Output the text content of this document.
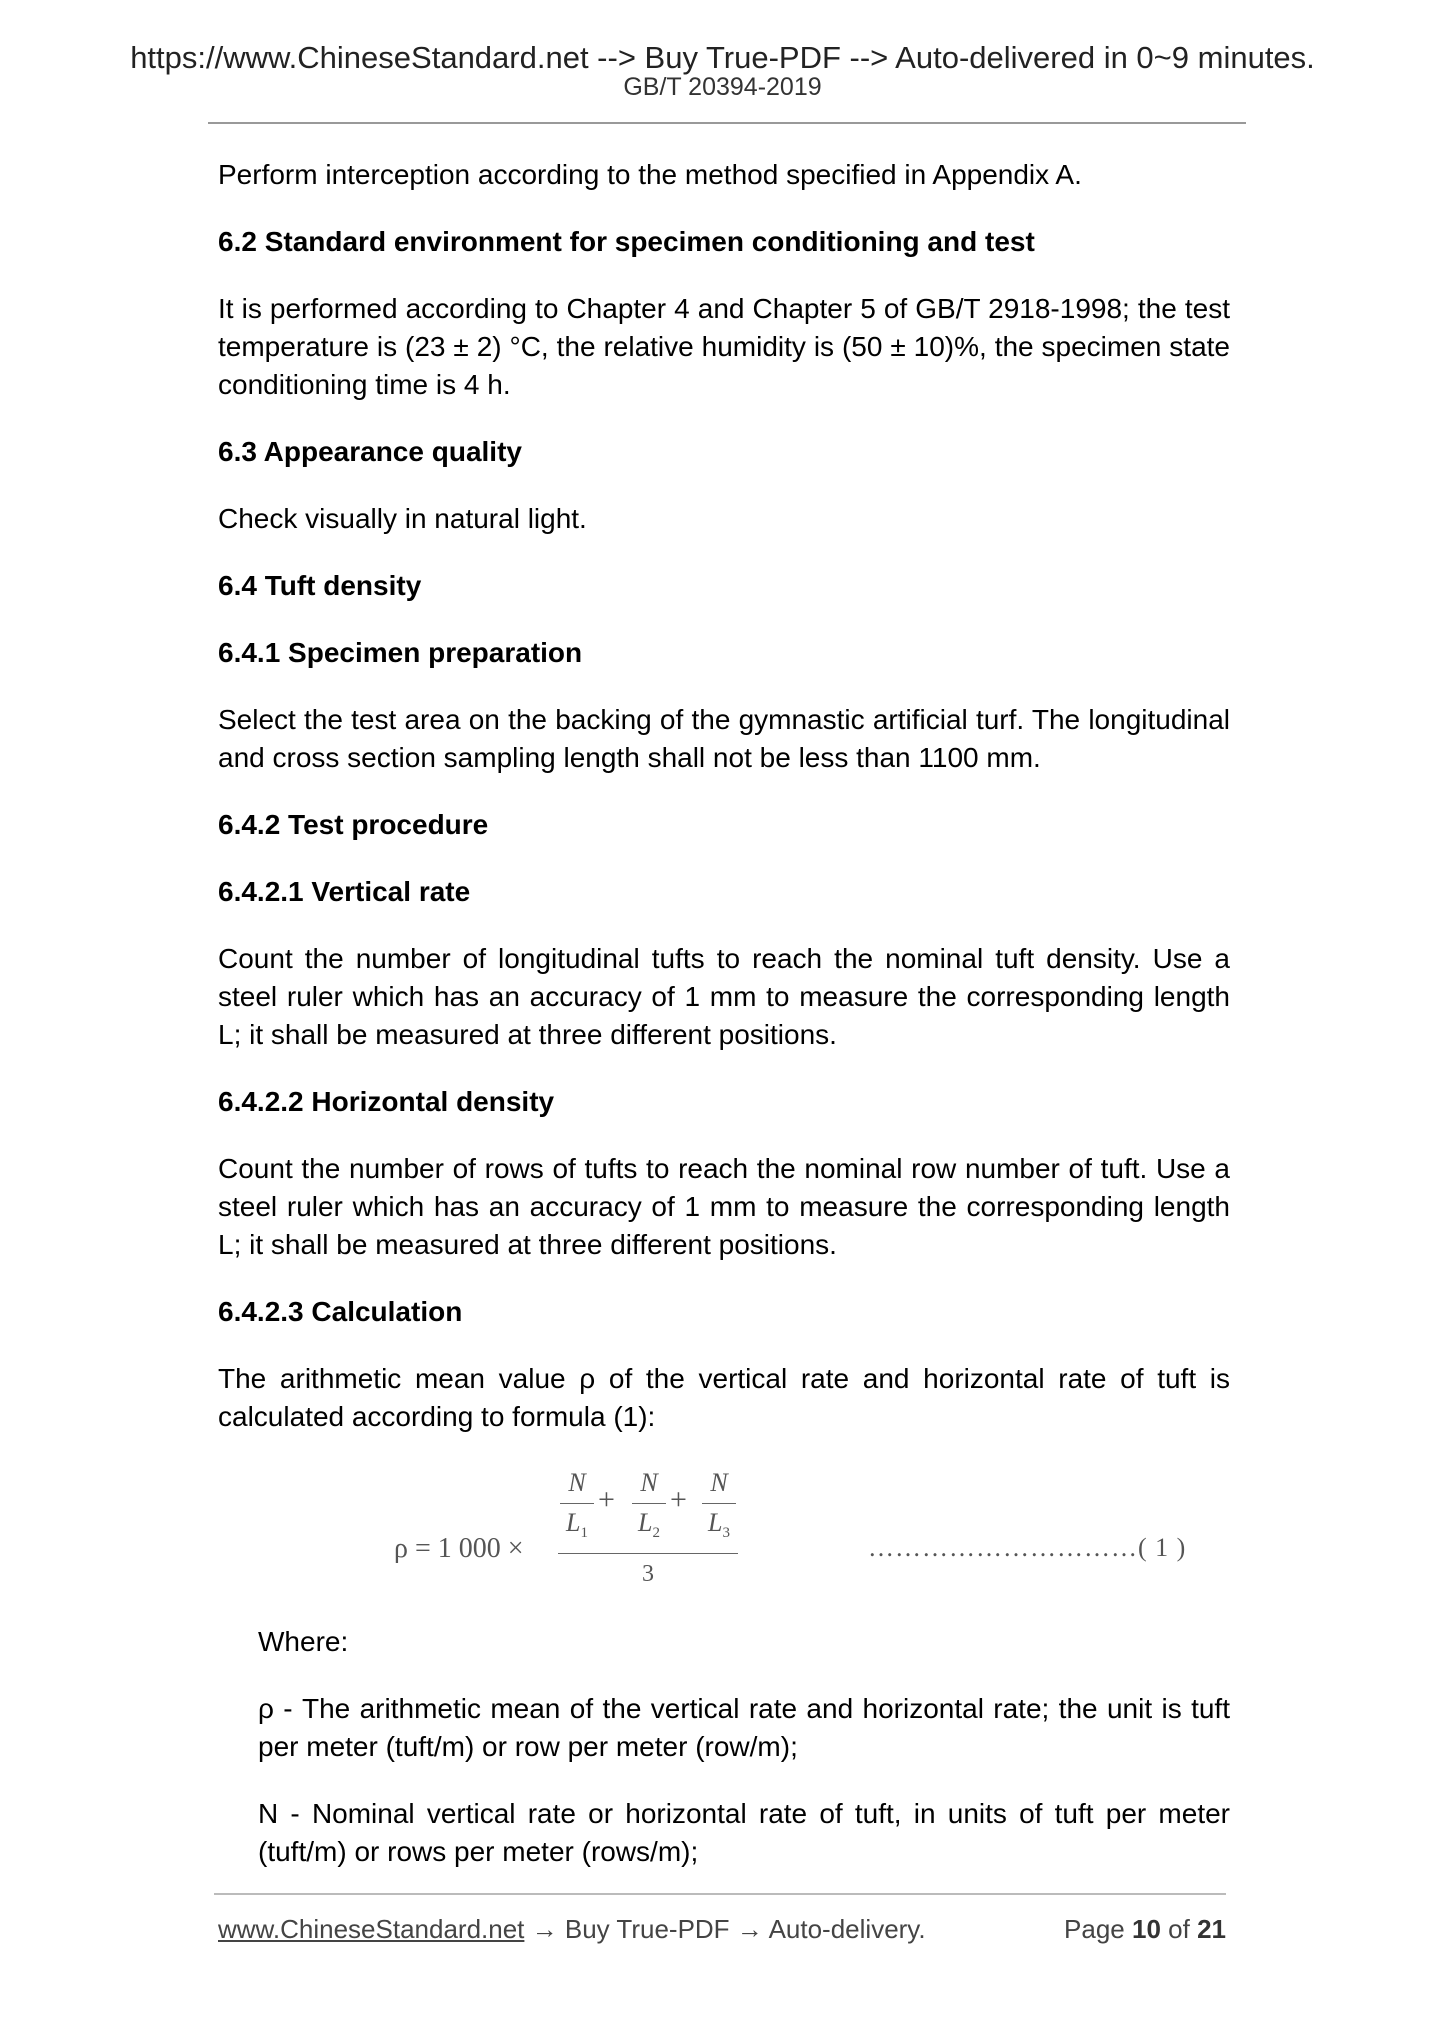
https://www.ChineseStandard.net --> Buy True-PDF --> Auto-delivered in 0~9 minutes.
GB/T 20394-2019

Perform interception according to the method specified in Appendix A.

6.2 Standard environment for specimen conditioning and test

It is performed according to Chapter 4 and Chapter 5 of GB/T 2918-1998; the test temperature is (23 ± 2) °C, the relative humidity is (50 ± 10)%, the specimen state conditioning time is 4 h.

6.3 Appearance quality

Check visually in natural light.

6.4 Tuft density

6.4.1 Specimen preparation

Select the test area on the backing of the gymnastic artificial turf. The longitudinal and cross section sampling length shall not be less than 1100 mm.

6.4.2 Test procedure

6.4.2.1 Vertical rate

Count the number of longitudinal tufts to reach the nominal tuft density. Use a steel ruler which has an accuracy of 1 mm to measure the corresponding length L; it shall be measured at three different positions.

6.4.2.2 Horizontal density

Count the number of rows of tufts to reach the nominal row number of tuft. Use a steel ruler which has an accuracy of 1 mm to measure the corresponding length L; it shall be measured at three different positions.

6.4.2.3 Calculation

The arithmetic mean value ρ of the vertical rate and horizontal rate of tuft is calculated according to formula (1):

ρ = 1 000 ×
N
$L_1$
+
N
$L_2$
+
N
$L_3$
3
…………………………( 1 )

Where:

ρ - The arithmetic mean of the vertical rate and horizontal rate; the unit is tuft per meter (tuft/m) or row per meter (row/m);

N - Nominal vertical rate or horizontal rate of tuft, in units of tuft per meter (tuft/m) or rows per meter (rows/m);

www.ChineseStandard.net → Buy True-PDF → Auto-delivery.	Page 10 of 21
